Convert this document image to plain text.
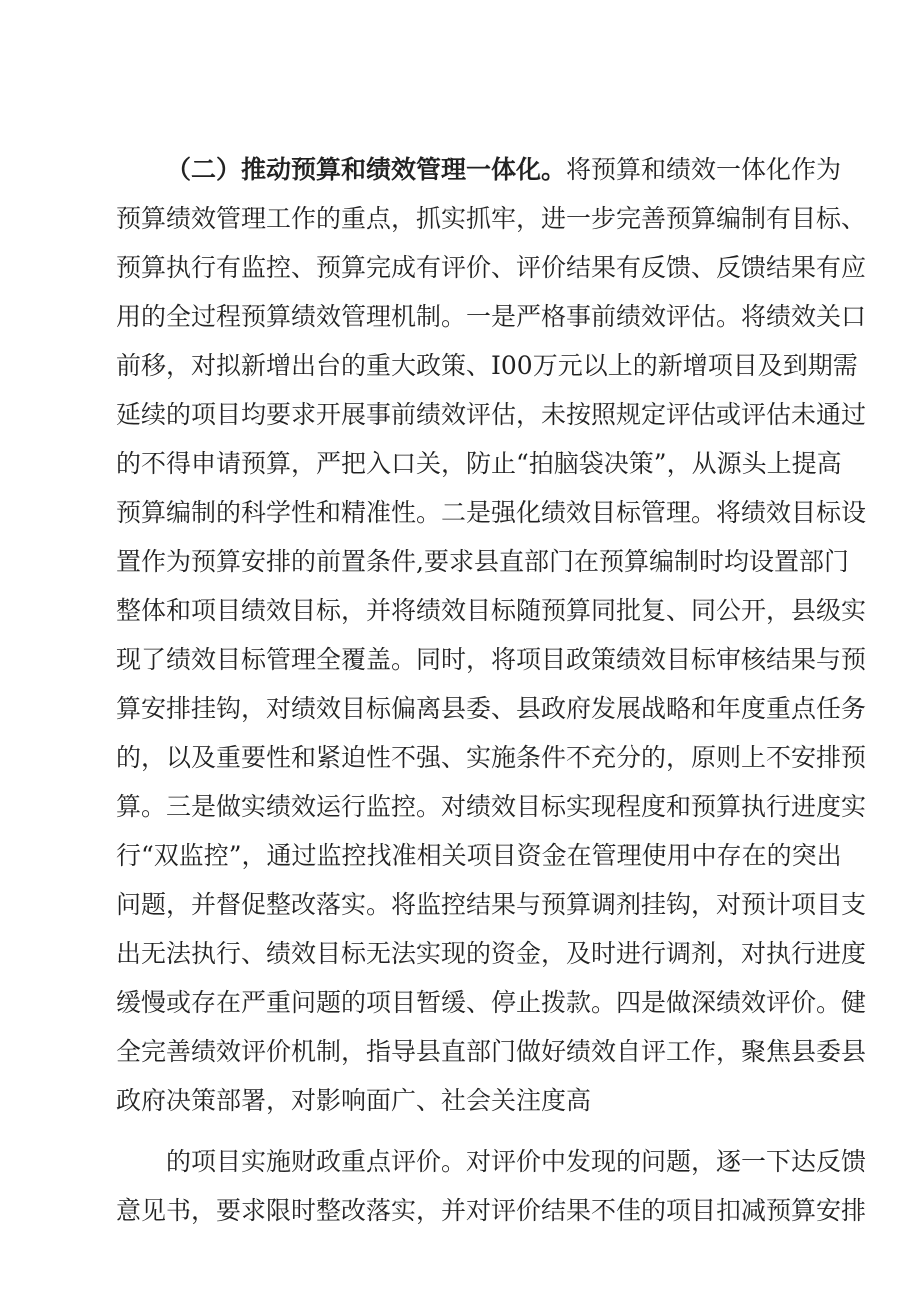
（二）推动预算和绩效管理一体化。将预算和绩效一体化作为
预算绩效管理工作的重点，抓实抓牢，进一步完善预算编制有目标、
预算执行有监控、预算完成有评价、评价结果有反馈、反馈结果有应
用的全过程预算绩效管理机制。一是严格事前绩效评估。将绩效关口
前移，对拟新增出台的重大政策、I00万元以上的新增项目及到期需
延续的项目均要求开展事前绩效评估，未按照规定评估或评估未通过
的不得申请预算，严把入口关，防止“拍脑袋决策”，从源头上提高
预算编制的科学性和精准性。二是强化绩效目标管理。将绩效目标设
置作为预算安排的前置条件,要求县直部门在预算编制时均设置部门
整体和项目绩效目标，并将绩效目标随预算同批复、同公开，县级实
现了绩效目标管理全覆盖。同时，将项目政策绩效目标审核结果与预
算安排挂钩，对绩效目标偏离县委、县政府发展战略和年度重点任务
的，以及重要性和紧迫性不强、实施条件不充分的，原则上不安排预
算。三是做实绩效运行监控。对绩效目标实现程度和预算执行进度实
行“双监控”，通过监控找准相关项目资金在管理使用中存在的突出
问题，并督促整改落实。将监控结果与预算调剂挂钩，对预计项目支
出无法执行、绩效目标无法实现的资金，及时进行调剂，对执行进度
缓慢或存在严重问题的项目暂缓、停止拨款。四是做深绩效评价。健
全完善绩效评价机制，指导县直部门做好绩效自评工作，聚焦县委县
政府决策部署，对影响面广、社会关注度高
的项目实施财政重点评价。对评价中发现的问题，逐一下达反馈
意见书，要求限时整改落实，并对评价结果不佳的项目扣减预算安排
